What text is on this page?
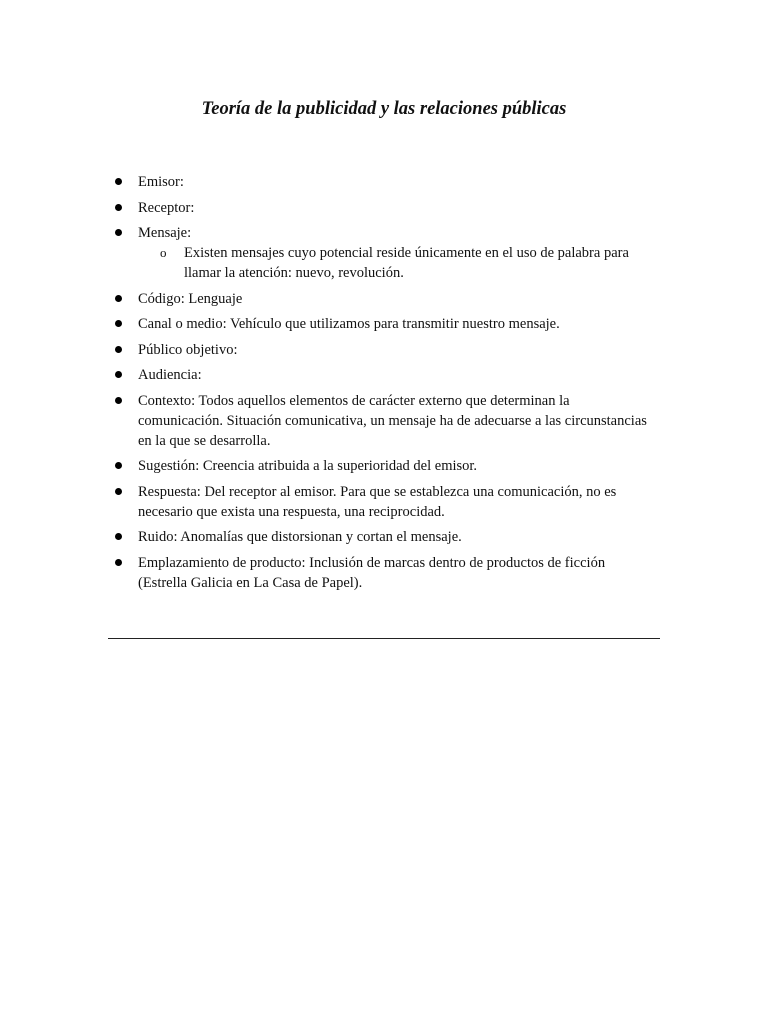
Teoría de la publicidad y las relaciones públicas
Emisor:
Receptor:
Mensaje:
o Existen mensajes cuyo potencial reside únicamente en el uso de palabra para llamar la atención: nuevo, revolución.
Código: Lenguaje
Canal o medio: Vehículo que utilizamos para transmitir nuestro mensaje.
Público objetivo:
Audiencia:
Contexto: Todos aquellos elementos de carácter externo que determinan la comunicación. Situación comunicativa, un mensaje ha de adecuarse a las circunstancias en la que se desarrolla.
Sugestión: Creencia atribuida a la superioridad del emisor.
Respuesta: Del receptor al emisor. Para que se establezca una comunicación, no es necesario que exista una respuesta, una reciprocidad.
Ruido: Anomalías que distorsionan y cortan el mensaje.
Emplazamiento de producto: Inclusión de marcas dentro de productos de ficción (Estrella Galicia en La Casa de Papel).
